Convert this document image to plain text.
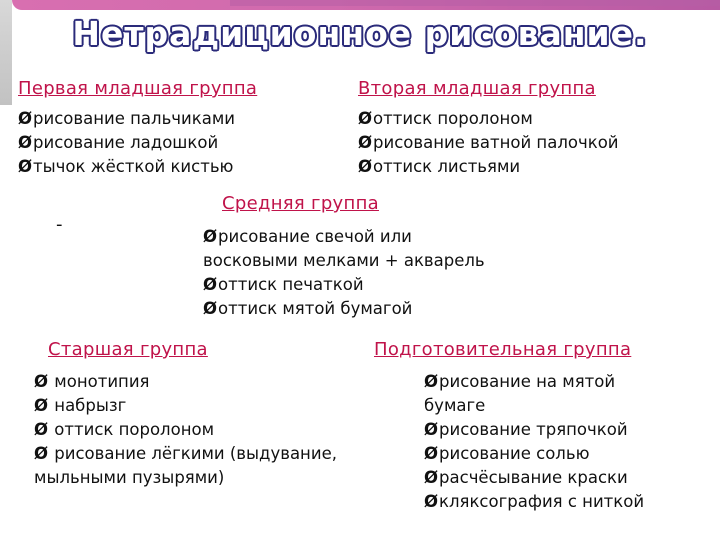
Нетрадиционное рисование.
Первая младшая группа
Øрисование пальчиками
Øрисование ладошкой
Øтычок жёсткой кистью
Вторая младшая группа
Øоттиск поролоном
Øрисование ватной палочкой
Øоттиск листьями
-
Средняя группа
Øрисование свечой или
восковыми мелками + акварель
Øоттиск печаткой
Øоттиск мятой бумагой
Старшая группа
Ø монотипия
Ø набрызг
Ø оттиск поролоном
Ø рисование лёгкими (выдувание,
мыльными пузырями)
Подготовительная группа
Øрисование на мятой
бумаге
Øрисование тряпочкой
Øрисование солью
Øрасчёсывание краски
Øкляксография с ниткой
